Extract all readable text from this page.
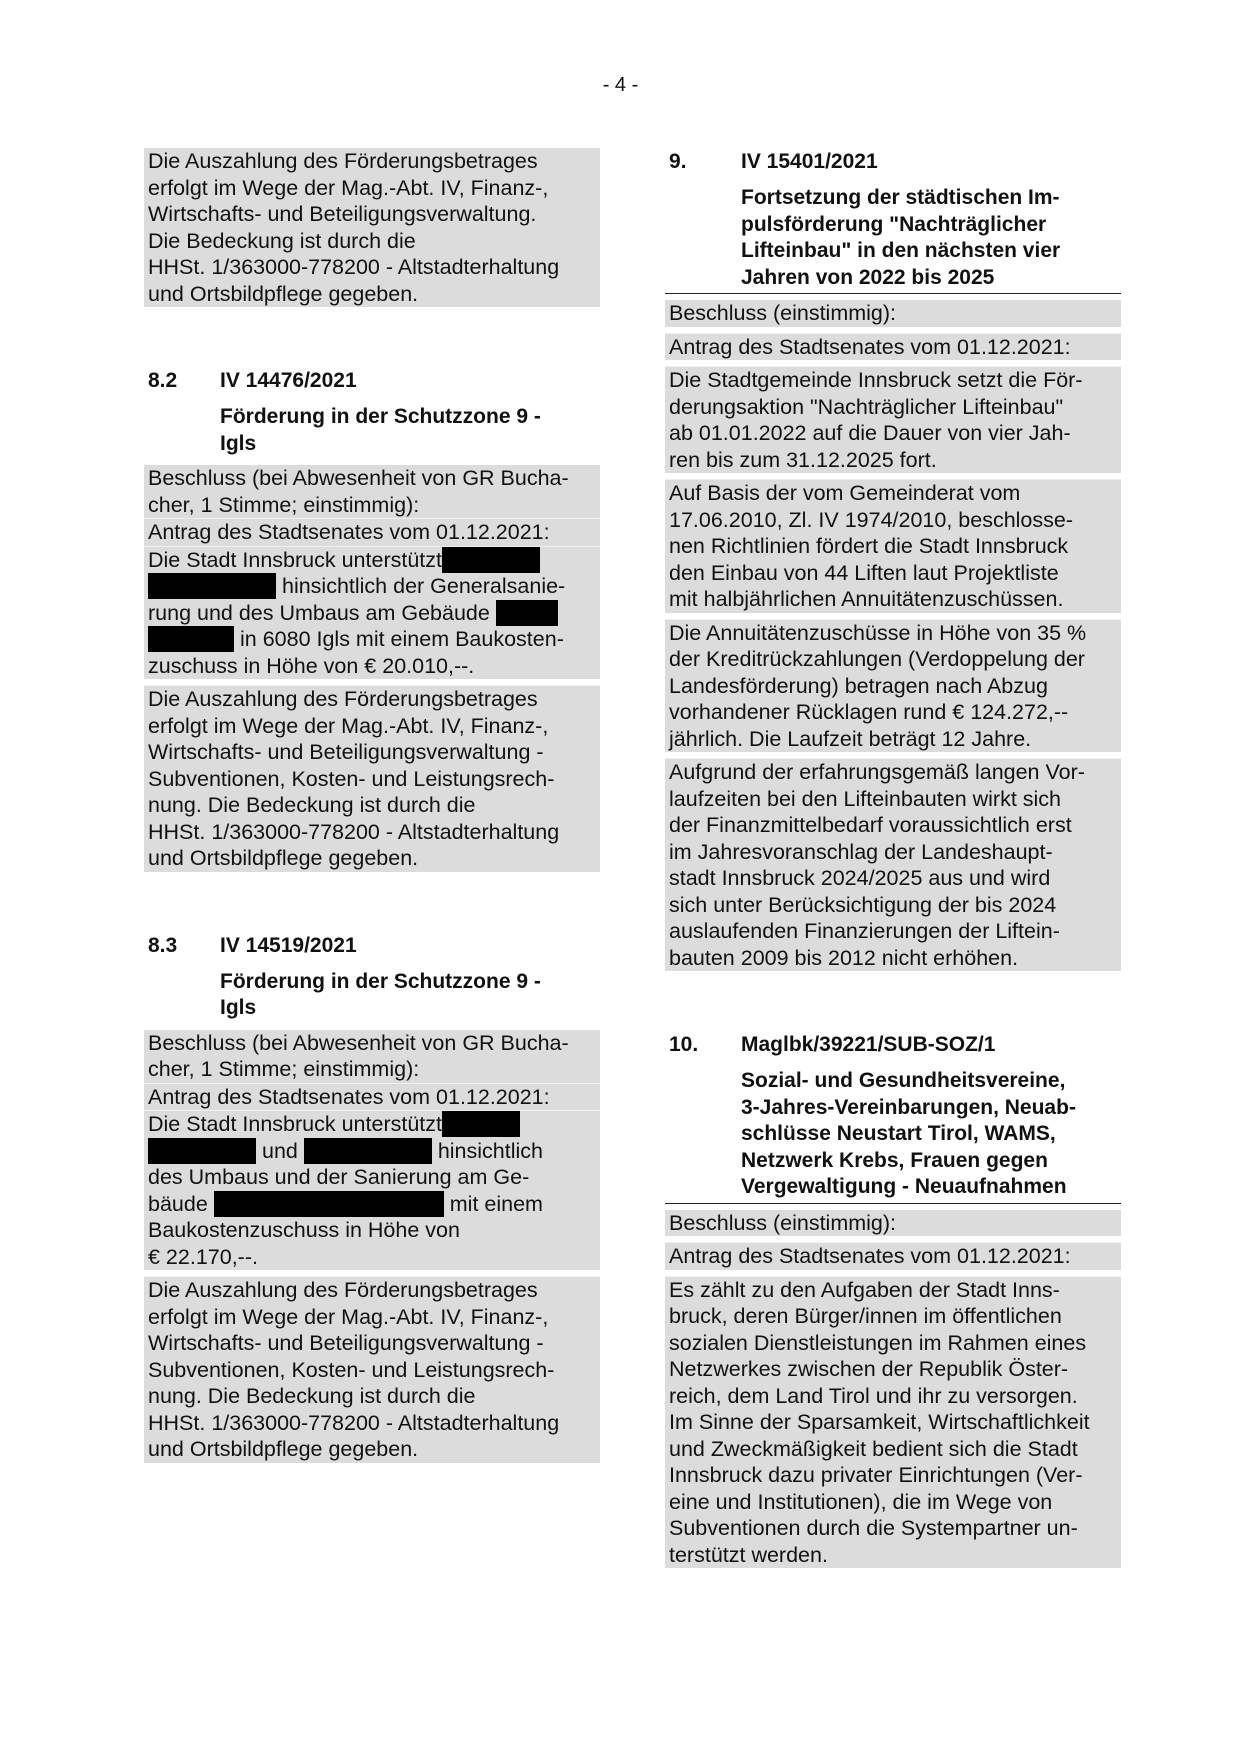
- 4 -
Die Auszahlung des Förderungsbetrages
erfolgt im Wege der Mag.-Abt. IV, Finanz-,
Wirtschafts- und Beteiligungsverwaltung.
Die Bedeckung ist durch die
HHSt. 1/363000-778200 - Altstadterhaltung
und Ortsbildpflege gegeben.
8.2 IV 14476/2021
Förderung in der Schutzzone 9 -
Igls
Beschluss (bei Abwesenheit von GR Bucha-
cher, 1 Stimme; einstimmig):
Antrag des Stadtsenates vom 01.12.2021:
Die Stadt Innsbruck unterstützt
hinsichtlich der Generalsanie-
rung und des Umbaus am Gebäude
in 6080 Igls mit einem Baukosten-
zuschuss in Höhe von € 20.010,--.
Die Auszahlung des Förderungsbetrages
erfolgt im Wege der Mag.-Abt. IV, Finanz-,
Wirtschafts- und Beteiligungsverwaltung -
Subventionen, Kosten- und Leistungsrech-
nung. Die Bedeckung ist durch die
HHSt. 1/363000-778200 - Altstadterhaltung
und Ortsbildpflege gegeben.
8.3 IV 14519/2021
Förderung in der Schutzzone 9 -
Igls
Beschluss (bei Abwesenheit von GR Bucha-
cher, 1 Stimme; einstimmig):
Antrag des Stadtsenates vom 01.12.2021:
Die Stadt Innsbruck unterstützt
und	hinsichtlich
des Umbaus und der Sanierung am Ge-
bäude	mit einem
Baukostenzuschuss in Höhe von
€ 22.170,--.
Die Auszahlung des Förderungsbetrages
erfolgt im Wege der Mag.-Abt. IV, Finanz-,
Wirtschafts- und Beteiligungsverwaltung -
Subventionen, Kosten- und Leistungsrech-
nung. Die Bedeckung ist durch die
HHSt. 1/363000-778200 - Altstadterhaltung
und Ortsbildpflege gegeben.
9.	IV 15401/2021
Fortsetzung der städtischen Im-
pulsförderung "Nachträglicher
Lifteinbau" in den nächsten vier
Jahren von 2022 bis 2025
Beschluss (einstimmig):
Antrag des Stadtsenates vom 01.12.2021:
Die Stadtgemeinde Innsbruck setzt die För-
derungsaktion "Nachträglicher Lifteinbau"
ab 01.01.2022 auf die Dauer von vier Jah-
ren bis zum 31.12.2025 fort.
Auf Basis der vom Gemeinderat vom
17.06.2010, Zl. IV 1974/2010, beschlosse-
nen Richtlinien fördert die Stadt Innsbruck
den Einbau von 44 Liften laut Projektliste
mit halbjährlichen Annuitätenzuschüssen.
Die Annuitätenzuschüsse in Höhe von 35 %
der Kreditrückzahlungen (Verdoppelung der
Landesförderung) betragen nach Abzug
vorhandener Rücklagen rund € 124.272,--
jährlich. Die Laufzeit beträgt 12 Jahre.
Aufgrund der erfahrungsgemäß langen Vor-
laufzeiten bei den Lifteinbauten wirkt sich
der Finanzmittelbedarf voraussichtlich erst
im Jahresvoranschlag der Landeshaupt-
stadt Innsbruck 2024/2025 aus und wird
sich unter Berücksichtigung der bis 2024
auslaufenden Finanzierungen der Liftein-
bauten 2009 bis 2012 nicht erhöhen.
10. Maglbk/39221/SUB-SOZ/1
Sozial- und Gesundheitsvereine,
3-Jahres-Vereinbarungen, Neuab-
schlüsse Neustart Tirol, WAMS,
Netzwerk Krebs, Frauen gegen
Vergewaltigung - Neuaufnahmen
Beschluss (einstimmig):
Antrag des Stadtsenates vom 01.12.2021:
Es zählt zu den Aufgaben der Stadt Inns-
bruck, deren Bürger/innen im öffentlichen
sozialen Dienstleistungen im Rahmen eines
Netzwerkes zwischen der Republik Öster-
reich, dem Land Tirol und ihr zu versorgen.
Im Sinne der Sparsamkeit, Wirtschaftlichkeit
und Zweckmäßigkeit bedient sich die Stadt
Innsbruck dazu privater Einrichtungen (Ver-
eine und Institutionen), die im Wege von
Subventionen durch die Systempartner un-
terstützt werden.
